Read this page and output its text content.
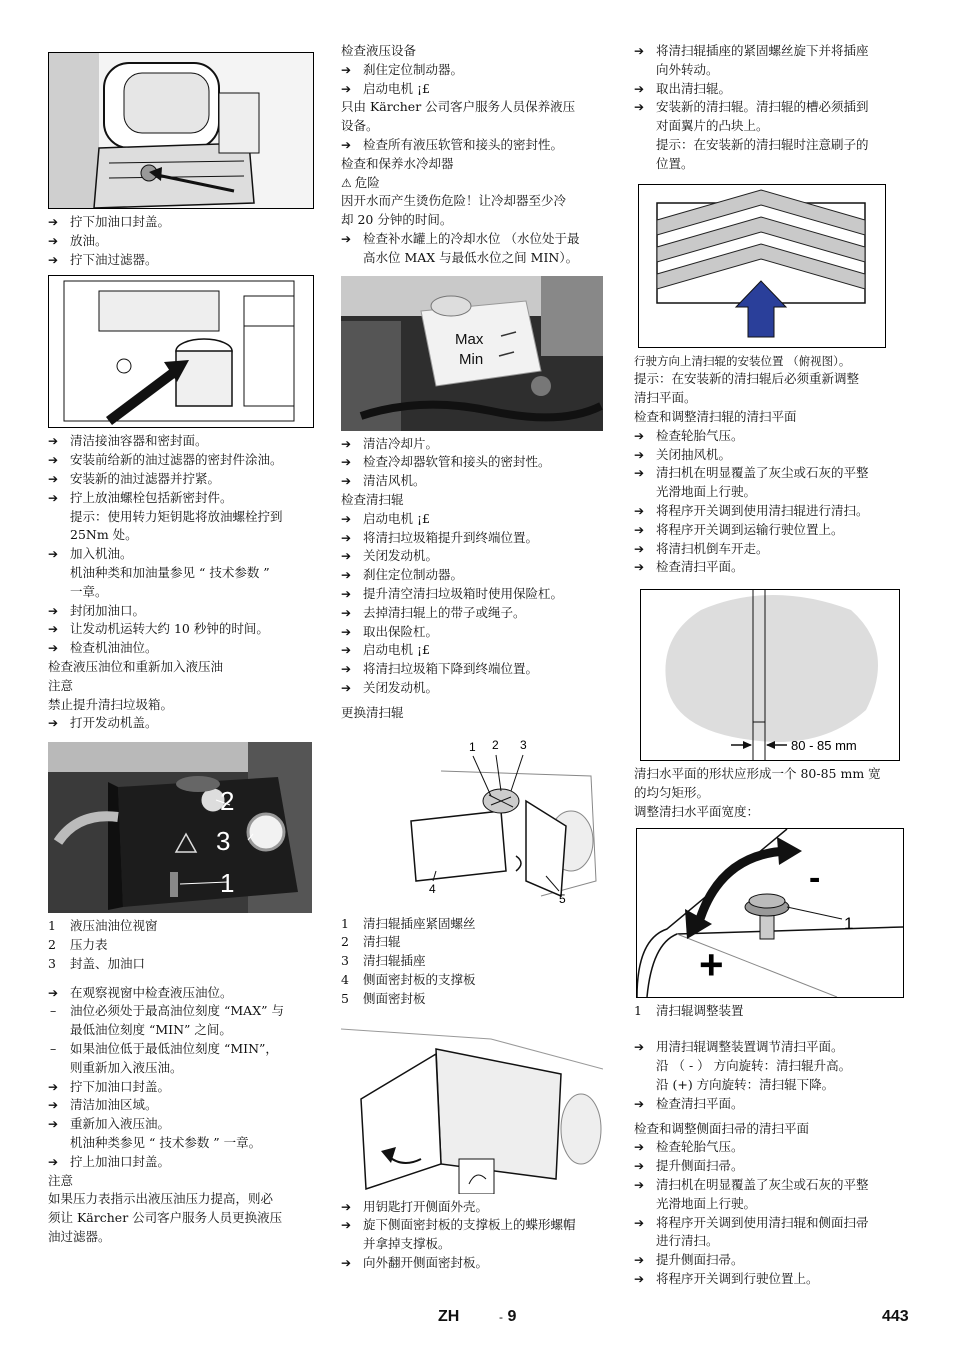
➔ 拧下加油口封盖。
➔ 放油。
➔ 拧下油过滤器。
➔ 清洁接油容器和密封面。
➔ 安装前给新的油过滤器的密封件涂油。
➔ 安装新的油过滤器并拧紧。
➔ 拧上放油螺栓包括新密封件。
提示：使用转力矩钥匙将放油螺栓拧到
25Nm 处。
➔ 加入机油。
机油种类和加油量参见 “ 技术参数 ”
一章。
➔ 封闭加油口。
➔ 让发动机运转大约 10 秒钟的时间。
➔ 检查机油油位。
检查液压油位和重新加入液压油
注意
禁止提升清扫垃圾箱。
➔ 打开发动机盖。
2
3
1
1 液压油油位视窗
2 压力表
3 封盖、加油口
➔ 在观察视窗中检查液压油位。
– 油位必须处于最高油位刻度 “MAX” 与
最低油位刻度 “MIN” 之间。
– 如果油位低于最低油位刻度 “MIN”，
则重新加入液压油。
➔ 拧下加油口封盖。
➔ 清洁加油区域。
➔ 重新加入液压油。
机油种类参见 “ 技术参数 ” 一章。
➔ 拧上加油口封盖。
注意
如果压力表指示出液压油压力提高，则必
须让 Kärcher 公司客户服务人员更换液压
油过滤器。
检查液压设备
➔ 刹住定位制动器。
➔ 启动电机 ¡£
只由 Kärcher 公司客户服务人员保养液压
设备。
➔ 检查所有液压软管和接头的密封性。
检查和保养水冷却器
⚠ 危险
因开水而产生烫伤危险！让冷却器至少冷
却 20 分钟的时间。
➔ 检查补水罐上的冷却水位 （水位处于最
高水位 MAX 与最低水位之间 MIN）。
Max
Min
➔ 清洁冷却片。
➔ 检查冷却器软管和接头的密封性。
➔ 清洁风机。
检查清扫辊
➔ 启动电机 ¡£
➔ 将清扫垃圾箱提升到终端位置。
➔ 关闭发动机。
➔ 刹住定位制动器。
➔ 提升清空清扫垃圾箱时使用保险杠。
➔ 去掉清扫辊上的带子或绳子。
➔ 取出保险杠。
➔ 启动电机 ¡£
➔ 将清扫垃圾箱下降到终端位置。
➔ 关闭发动机。
更换清扫辊
1 2 3
4
5
1 清扫辊插座紧固螺丝
2 清扫辊
3 清扫辊插座
4 侧面密封板的支撑板
5 侧面密封板
➔ 用钥匙打开侧面外壳。
➔ 旋下侧面密封板的支撑板上的蝶形螺帽
并拿掉支撑板。
➔ 向外翻开侧面密封板。
➔ 将清扫辊插座的紧固螺丝旋下并将插座
向外转动。
➔ 取出清扫辊。
➔ 安装新的清扫辊。清扫辊的槽必须插到
对面翼片的凸块上。
提示：在安装新的清扫辊时注意刷子的
位置。
行驶方向上清扫辊的安装位置 （俯视图）。
提示：在安装新的清扫辊后必须重新调整
清扫平面。
检查和调整清扫辊的清扫平面
➔ 检查轮胎气压。
➔ 关闭抽风机。
➔ 清扫机在明显覆盖了灰尘或石灰的平整
光滑地面上行驶。
➔ 将程序开关调到使用清扫辊进行清扫。
➔ 将程序开关调到运输行驶位置上。
➔ 将清扫机倒车开走。
➔ 检查清扫平面。
80 - 85 mm
清扫水平面的形状应形成一个 80-85 mm 宽
的均匀矩形。
调整清扫水平面宽度：
-
+
1
1 清扫辊调整装置
➔ 用清扫辊调整装置调节清扫平面。
沿 （ - ） 方向旋转：清扫辊升高。
沿 (+) 方向旋转：清扫辊下降。
➔ 检查清扫平面。
检查和调整侧面扫帚的清扫平面
➔ 检查轮胎气压。
➔ 提升侧面扫帚。
➔ 清扫机在明显覆盖了灰尘或石灰的平整
光滑地面上行驶。
➔ 将程序开关调到使用清扫辊和侧面扫帚
进行清扫。
➔ 提升侧面扫帚。
➔ 将程序开关调到行驶位置上。
ZH	- 9	443
